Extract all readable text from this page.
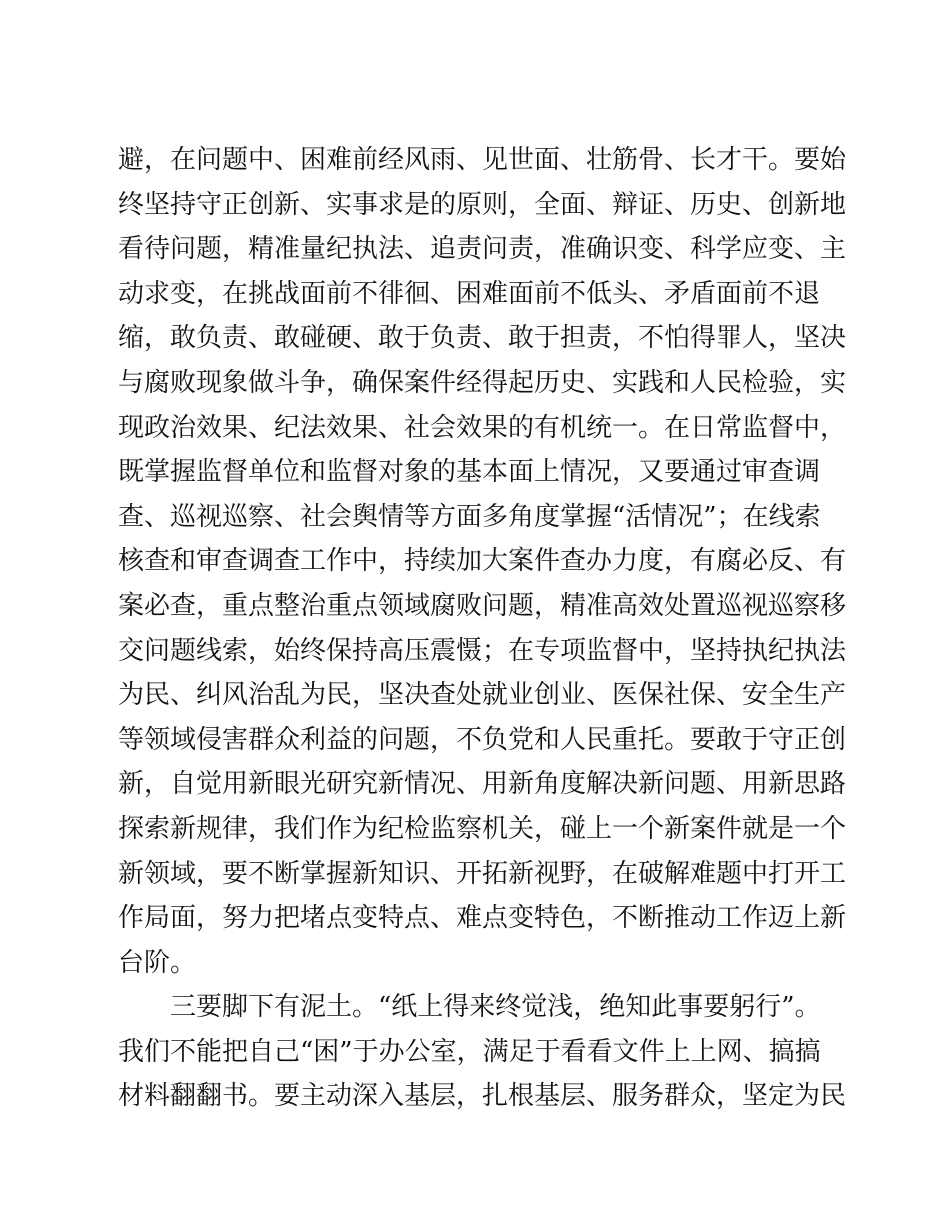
避，在问题中、困难前经风雨、见世面、壮筋骨、长才干。要始
终坚持守正创新、实事求是的原则，全面、辩证、历史、创新地
看待问题，精准量纪执法、追责问责，准确识变、科学应变、主
动求变，在挑战面前不徘徊、困难面前不低头、矛盾面前不退
缩，敢负责、敢碰硬、敢于负责、敢于担责，不怕得罪人，坚决
与腐败现象做斗争，确保案件经得起历史、实践和人民检验，实
现政治效果、纪法效果、社会效果的有机统一。在日常监督中，
既掌握监督单位和监督对象的基本面上情况，又要通过审查调
查、巡视巡察、社会舆情等方面多角度掌握“活情况”；在线索
核查和审查调查工作中，持续加大案件查办力度，有腐必反、有
案必查，重点整治重点领域腐败问题，精准高效处置巡视巡察移
交问题线索，始终保持高压震慑；在专项监督中，坚持执纪执法
为民、纠风治乱为民，坚决查处就业创业、医保社保、安全生产
等领域侵害群众利益的问题，不负党和人民重托。要敢于守正创
新，自觉用新眼光研究新情况、用新角度解决新问题、用新思路
探索新规律，我们作为纪检监察机关，碰上一个新案件就是一个
新领域，要不断掌握新知识、开拓新视野，在破解难题中打开工
作局面，努力把堵点变特点、难点变特色，不断推动工作迈上新
台阶。
三要脚下有泥土。“纸上得来终觉浅，绝知此事要躬行”。
我们不能把自己“困”于办公室，满足于看看文件上上网、搞搞
材料翻翻书。要主动深入基层，扎根基层、服务群众，坚定为民
